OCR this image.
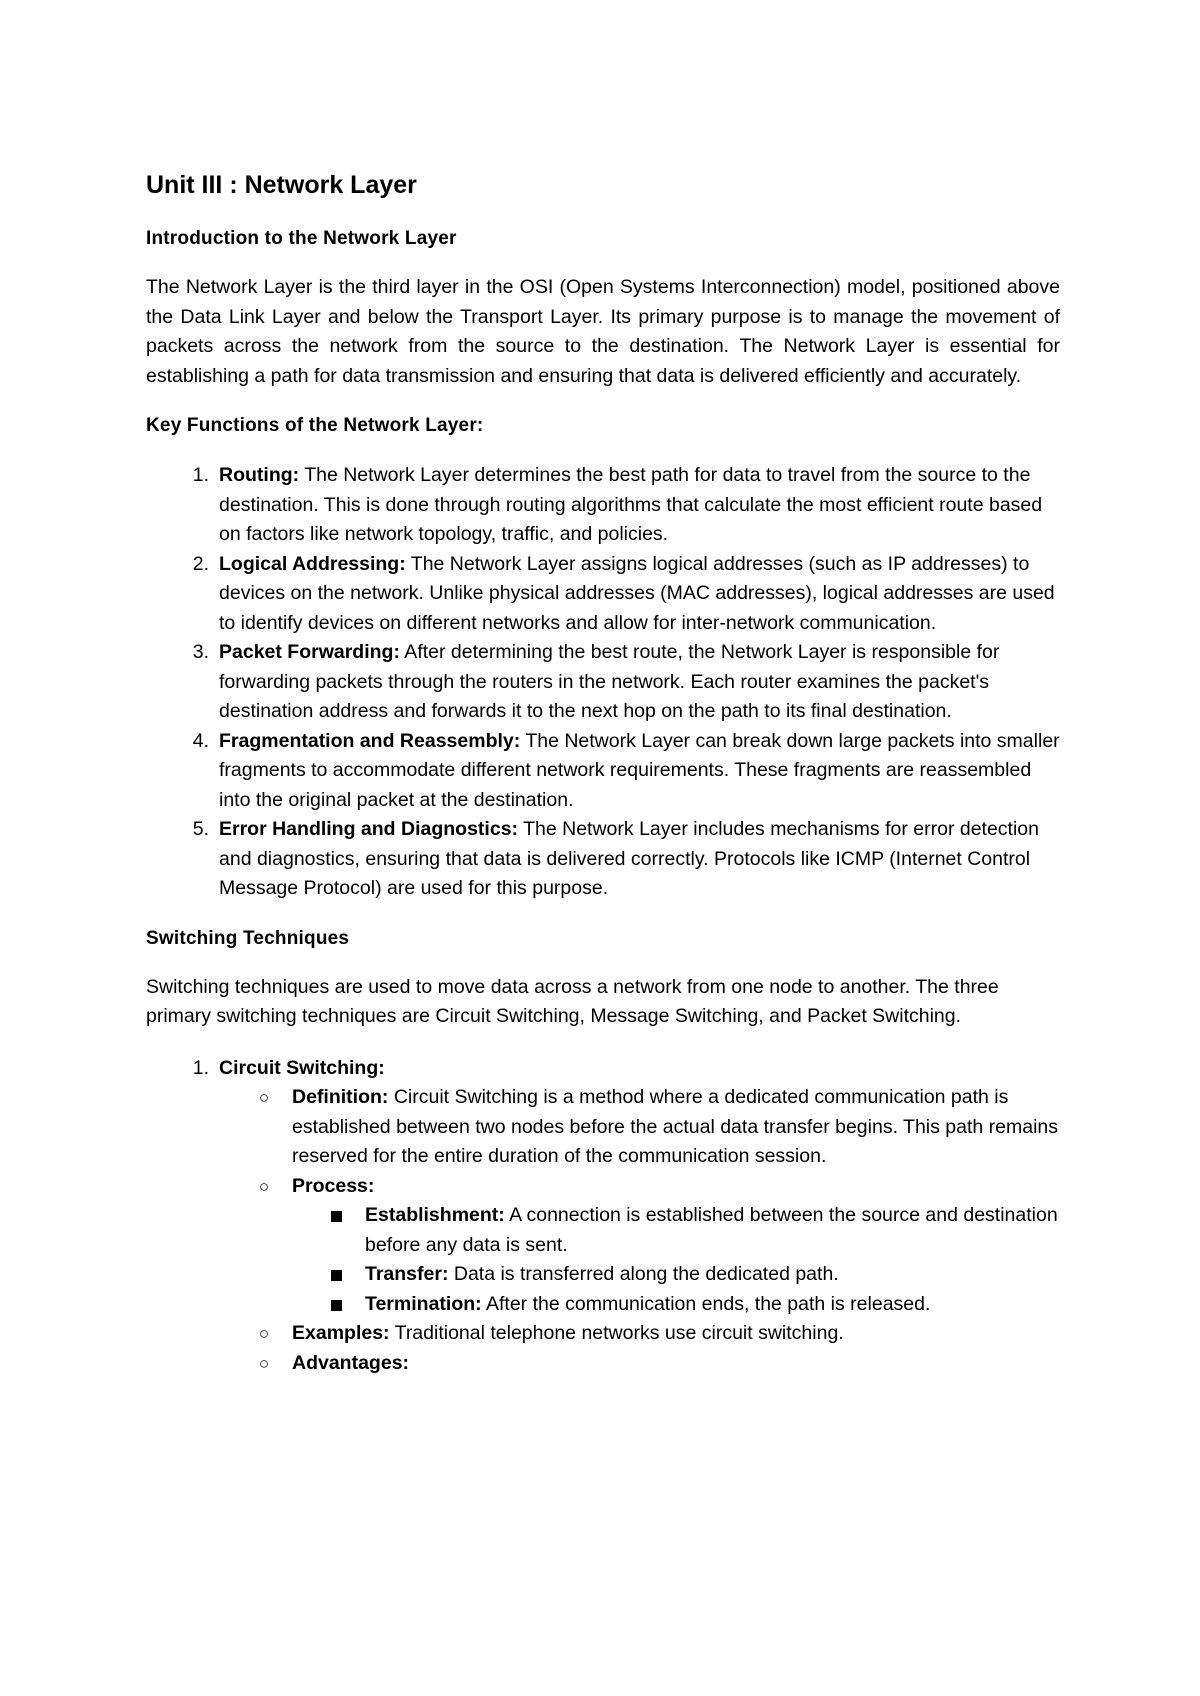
Unit III : Network Layer
Introduction to the Network Layer

The Network Layer is the third layer in the OSI (Open Systems Interconnection) model, positioned above the Data Link Layer and below the Transport Layer. Its primary purpose is to manage the movement of packets across the network from the source to the destination. The Network Layer is essential for establishing a path for data transmission and ensuring that data is delivered efficiently and accurately.

Key Functions of the Network Layer:
1. Routing: The Network Layer determines the best path for data to travel from the source to the destination. This is done through routing algorithms that calculate the most efficient route based on factors like network topology, traffic, and policies.
2. Logical Addressing: The Network Layer assigns logical addresses (such as IP addresses) to devices on the network. Unlike physical addresses (MAC addresses), logical addresses are used to identify devices on different networks and allow for inter-network communication.
3. Packet Forwarding: After determining the best route, the Network Layer is responsible for forwarding packets through the routers in the network. Each router examines the packet's destination address and forwards it to the next hop on the path to its final destination.
4. Fragmentation and Reassembly: The Network Layer can break down large packets into smaller fragments to accommodate different network requirements. These fragments are reassembled into the original packet at the destination.
5. Error Handling and Diagnostics: The Network Layer includes mechanisms for error detection and diagnostics, ensuring that data is delivered correctly. Protocols like ICMP (Internet Control Message Protocol) are used for this purpose.
Switching Techniques

Switching techniques are used to move data across a network from one node to another. The three primary switching techniques are Circuit Switching, Message Switching, and Packet Switching.

1. Circuit Switching:
○ Definition: Circuit Switching is a method where a dedicated communication path is established between two nodes before the actual data transfer begins. This path remains reserved for the entire duration of the communication session.
○ Process:
Establishment: A connection is established between the source and destination before any data is sent.
Transfer: Data is transferred along the dedicated path.
Termination: After the communication ends, the path is released.
○ Examples: Traditional telephone networks use circuit switching.
○ Advantages:
